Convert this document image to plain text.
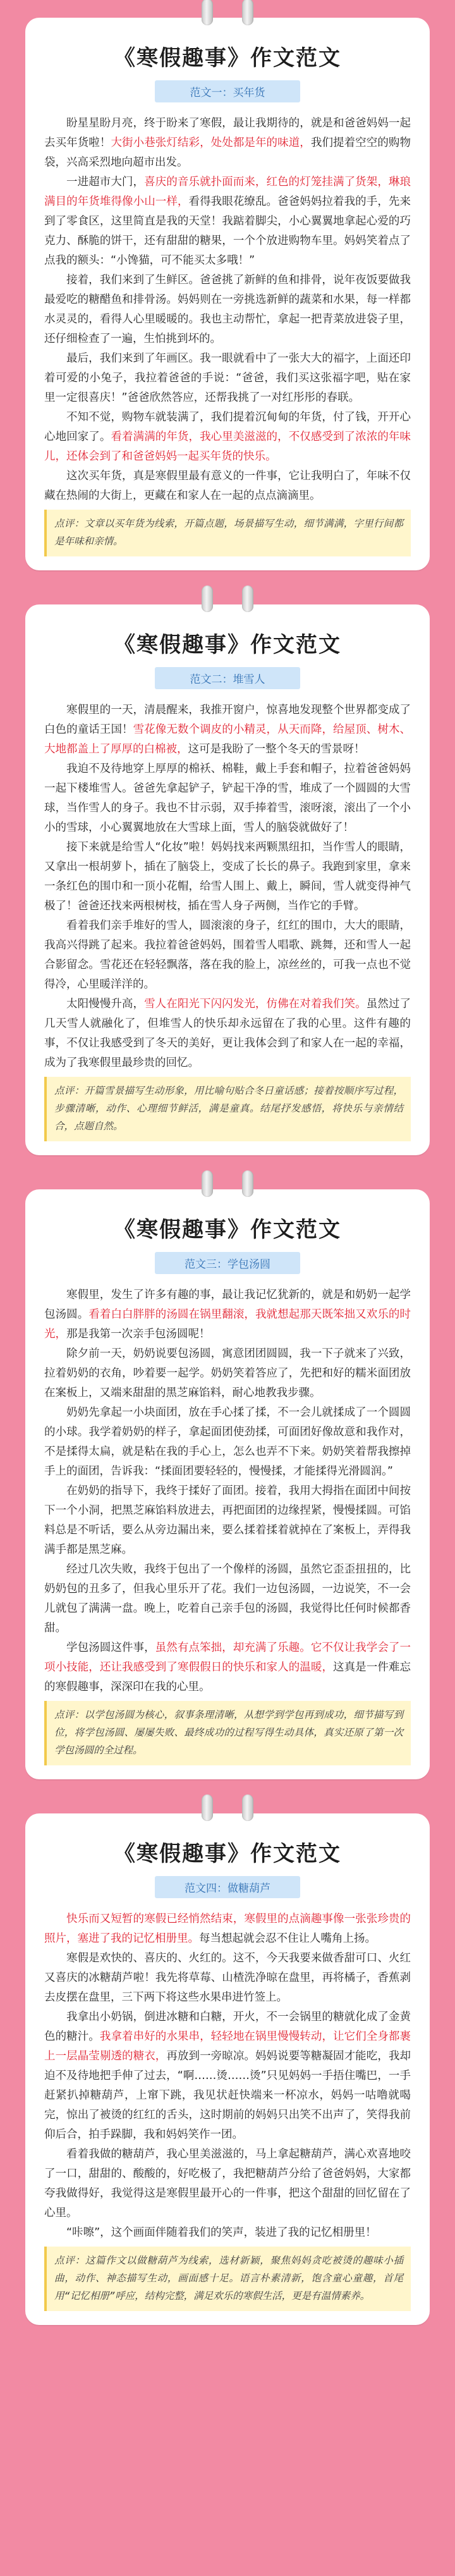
《寒假趣事》作文范文
范文一：买年货

盼星星盼月亮，终于盼来了寒假，最让我期待的，就是和爸爸妈妈一起去买年货啦！大街小巷张灯结彩，处处都是年的味道，我们提着空空的购物袋，兴高采烈地向超市出发。

一进超市大门，喜庆的音乐就扑面而来，红色的灯笼挂满了货架，琳琅满目的年货堆得像小山一样，看得我眼花缭乱。爸爸妈妈拉着我的手，先来到了零食区，这里简直是我的天堂！我踮着脚尖，小心翼翼地拿起心爱的巧克力、酥脆的饼干，还有甜甜的糖果，一个个放进购物车里。妈妈笑着点了点我的额头：“小馋猫，可不能买太多哦！”

接着，我们来到了生鲜区。爸爸挑了新鲜的鱼和排骨，说年夜饭要做我最爱吃的糖醋鱼和排骨汤。妈妈则在一旁挑选新鲜的蔬菜和水果，每一样都水灵灵的，看得人心里暖暖的。我也主动帮忙，拿起一把青菜放进袋子里，还仔细检查了一遍，生怕挑到坏的。

最后，我们来到了年画区。我一眼就看中了一张大大的福字，上面还印着可爱的小兔子，我拉着爸爸的手说：“爸爸，我们买这张福字吧，贴在家里一定很喜庆！”爸爸欣然答应，还帮我挑了一对红彤彤的春联。

不知不觉，购物车就装满了，我们提着沉甸甸的年货，付了钱，开开心心地回家了。看着满满的年货，我心里美滋滋的，不仅感受到了浓浓的年味儿，还体会到了和爸爸妈妈一起买年货的快乐。

这次买年货，真是寒假里最有意义的一件事，它让我明白了，年味不仅藏在热闹的大街上，更藏在和家人在一起的点点滴滴里。

点评：文章以买年货为线索，开篇点题，场景描写生动，细节满满，字里行间都是年味和亲情。
《寒假趣事》作文范文
范文二：堆雪人

寒假里的一天，清晨醒来，我推开窗户，惊喜地发现整个世界都变成了白色的童话王国！雪花像无数个调皮的小精灵，从天而降，给屋顶、树木、大地都盖上了厚厚的白棉被，这可是我盼了一整个冬天的雪景呀！

我迫不及待地穿上厚厚的棉袄、棉鞋，戴上手套和帽子，拉着爸爸妈妈一起下楼堆雪人。爸爸先拿起铲子，铲起干净的雪，堆成了一个圆圆的大雪球，当作雪人的身子。我也不甘示弱，双手捧着雪，滚呀滚，滚出了一个小小的雪球，小心翼翼地放在大雪球上面，雪人的脑袋就做好了！

接下来就是给雪人“化妆”啦！妈妈找来两颗黑纽扣，当作雪人的眼睛，又拿出一根胡萝卜，插在了脑袋上，变成了长长的鼻子。我跑到家里，拿来一条红色的围巾和一顶小花帽，给雪人围上、戴上，瞬间，雪人就变得神气极了！爸爸还找来两根树枝，插在雪人身子两侧，当作它的手臂。

看着我们亲手堆好的雪人，圆滚滚的身子，红红的围巾，大大的眼睛，我高兴得跳了起来。我拉着爸爸妈妈，围着雪人唱歌、跳舞，还和雪人一起合影留念。雪花还在轻轻飘落，落在我的脸上，凉丝丝的，可我一点也不觉得冷，心里暖洋洋的。

太阳慢慢升高，雪人在阳光下闪闪发光，仿佛在对着我们笑。虽然过了几天雪人就融化了，但堆雪人的快乐却永远留在了我的心里。这件有趣的事，不仅让我感受到了冬天的美好，更让我体会到了和家人在一起的幸福，成为了我寒假里最珍贵的回忆。

点评：开篇雪景描写生动形象，用比喻句贴合冬日童话感；接着按顺序写过程，步骤清晰，动作、心理细节鲜活，满是童真。结尾抒发感悟，将快乐与亲情结合，点题自然。
《寒假趣事》作文范文
范文三：学包汤圆

寒假里，发生了许多有趣的事，最让我记忆犹新的，就是和奶奶一起学包汤圆。看着白白胖胖的汤圆在锅里翻滚，我就想起那天既笨拙又欢乐的时光，那是我第一次亲手包汤圆呢！

除夕前一天，奶奶说要包汤圆，寓意团团圆圆，我一下子就来了兴致，拉着奶奶的衣角，吵着要一起学。奶奶笑着答应了，先把和好的糯米面团放在案板上，又端来甜甜的黑芝麻馅料，耐心地教我步骤。

奶奶先拿起一小块面团，放在手心揉了揉，不一会儿就揉成了一个圆圆的小球。我学着奶奶的样子，拿起面团使劲揉，可面团好像故意和我作对，不是揉得太扁，就是粘在我的手心上，怎么也弄不下来。奶奶笑着帮我擦掉手上的面团，告诉我：“揉面团要轻轻的，慢慢揉，才能揉得光滑圆润。”

在奶奶的指导下，我终于揉好了面团。接着，我用大拇指在面团中间按下一个小洞，把黑芝麻馅料放进去，再把面团的边缘捏紧，慢慢揉圆。可馅料总是不听话，要么从旁边漏出来，要么揉着揉着就掉在了案板上，弄得我满手都是黑芝麻。

经过几次失败，我终于包出了一个像样的汤圆，虽然它歪歪扭扭的，比奶奶包的丑多了，但我心里乐开了花。我们一边包汤圆，一边说笑，不一会儿就包了满满一盘。晚上，吃着自己亲手包的汤圆，我觉得比任何时候都香甜。

学包汤圆这件事，虽然有点笨拙，却充满了乐趣。它不仅让我学会了一项小技能，还让我感受到了寒假假日的快乐和家人的温暖，这真是一件难忘的寒假趣事，深深印在我的心里。

点评：以学包汤圆为核心，叙事条理清晰，从想学到学包再到成功，细节描写到位，将学包汤圆、屡屡失败、最终成功的过程写得生动具体，真实还原了第一次学包汤圆的全过程。
《寒假趣事》作文范文
范文四：做糖葫芦

快乐而又短暂的寒假已经悄然结束，寒假里的点滴趣事像一张张珍贵的照片，塞进了我的记忆相册里。每当想起就会忍不住让人嘴角上扬。

寒假是欢快的、喜庆的、火红的。这不，今天我要来做香甜可口、火红又喜庆的冰糖葫芦啦！我先将草莓、山楂洗净晾在盘里，再将橘子，香蕉剥去皮摆在盘里，三下两下将这些水果串进竹签上。

我拿出小奶锅，倒进冰糖和白糖，开火，不一会锅里的糖就化成了金黄色的糖汁。我拿着串好的水果串，轻轻地在锅里慢慢转动，让它们全身都裹上一层晶莹剔透的糖衣，再放到一旁晾凉。妈妈说要等糖凝固才能吃，我却迫不及待地把手伸了过去，“啊……烫……烫”只见妈妈一手捂住嘴巴，一手赶紧扒掉糖葫芦，上窜下跳，我见状赶快端来一杯凉水，妈妈一咕噜就喝完，惊出了被烫的红红的舌头，这时期前的妈妈只出笑不出声了，笑得我前仰后合，拍手跺脚，我和妈妈笑作一团。

看着我做的糖葫芦，我心里美滋滋的，马上拿起糖葫芦，满心欢喜地咬了一口，甜甜的、酸酸的，好吃极了，我把糖葫芦分给了爸爸妈妈，大家都夸我做得好，我觉得这是寒假里最开心的一件事，把这个甜甜的回忆留在了心里。

“咔嚓”，这个画面伴随着我们的笑声，装进了我的记忆相册里！

点评：这篇作文以做糖葫芦为线索，选材新颖，聚焦妈妈贪吃被烫的趣味小插曲，动作、神态描写生动，画面感十足。语言朴素清新，饱含童心童趣，首尾用“记忆相册”呼应，结构完整，满足欢乐的寒假生活，更是有温情素养。
